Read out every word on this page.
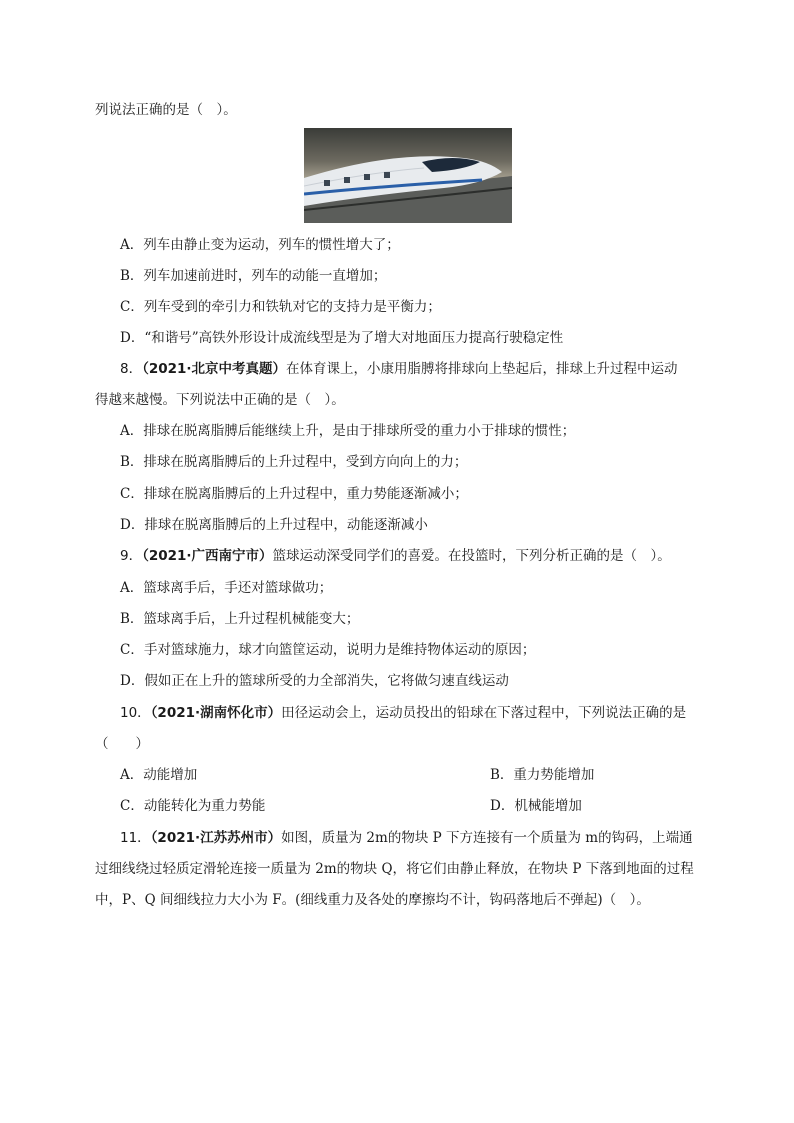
列说法正确的是（　）。
A．列车由静止变为运动，列车的惯性增大了；
B．列车加速前进时，列车的动能一直增加；
C．列车受到的牵引力和铁轨对它的支持力是平衡力；
D．“和谐号”高铁外形设计成流线型是为了增大对地面压力提高行驶稳定性
8．（2021·北京中考真题）在体育课上，小康用脂膊将排球向上垫起后，排球上升过程中运动
得越来越慢。下列说法中正确的是（　）。
A．排球在脱离脂膊后能继续上升，是由于排球所受的重力小于排球的惯性；
B．排球在脱离脂膊后的上升过程中，受到方向向上的力；
C．排球在脱离脂膊后的上升过程中，重力势能逐渐减小；
D．排球在脱离脂膊后的上升过程中，动能逐渐减小
9．（2021·广西南宁市）篮球运动深受同学们的喜爱。在投篮时，下列分析正确的是（　）。
A．篮球离手后，手还对篮球做功；
B．篮球离手后，上升过程机械能变大；
C．手对篮球施力，球才向篮筐运动，说明力是维持物体运动的原因；
D．假如正在上升的篮球所受的力全部消失，它将做匀速直线运动
10．（2021·湖南怀化市）田径运动会上，运动员投出的铅球在下落过程中，下列说法正确的是
（　　）
A．动能增加	B．重力势能增加
C．动能转化为重力势能	D．机械能增加
11．（2021·江苏苏州市）如图，质量为 2m的物块 P 下方连接有一个质量为 m的钩码，上端通
过细线绕过轻质定滑轮连接一质量为 2m的物块 Q，将它们由静止释放，在物块 P 下落到地面的过程
中，P、Q 间细线拉力大小为 F。(细线重力及各处的摩擦均不计，钩码落地后不弹起)（　）。
